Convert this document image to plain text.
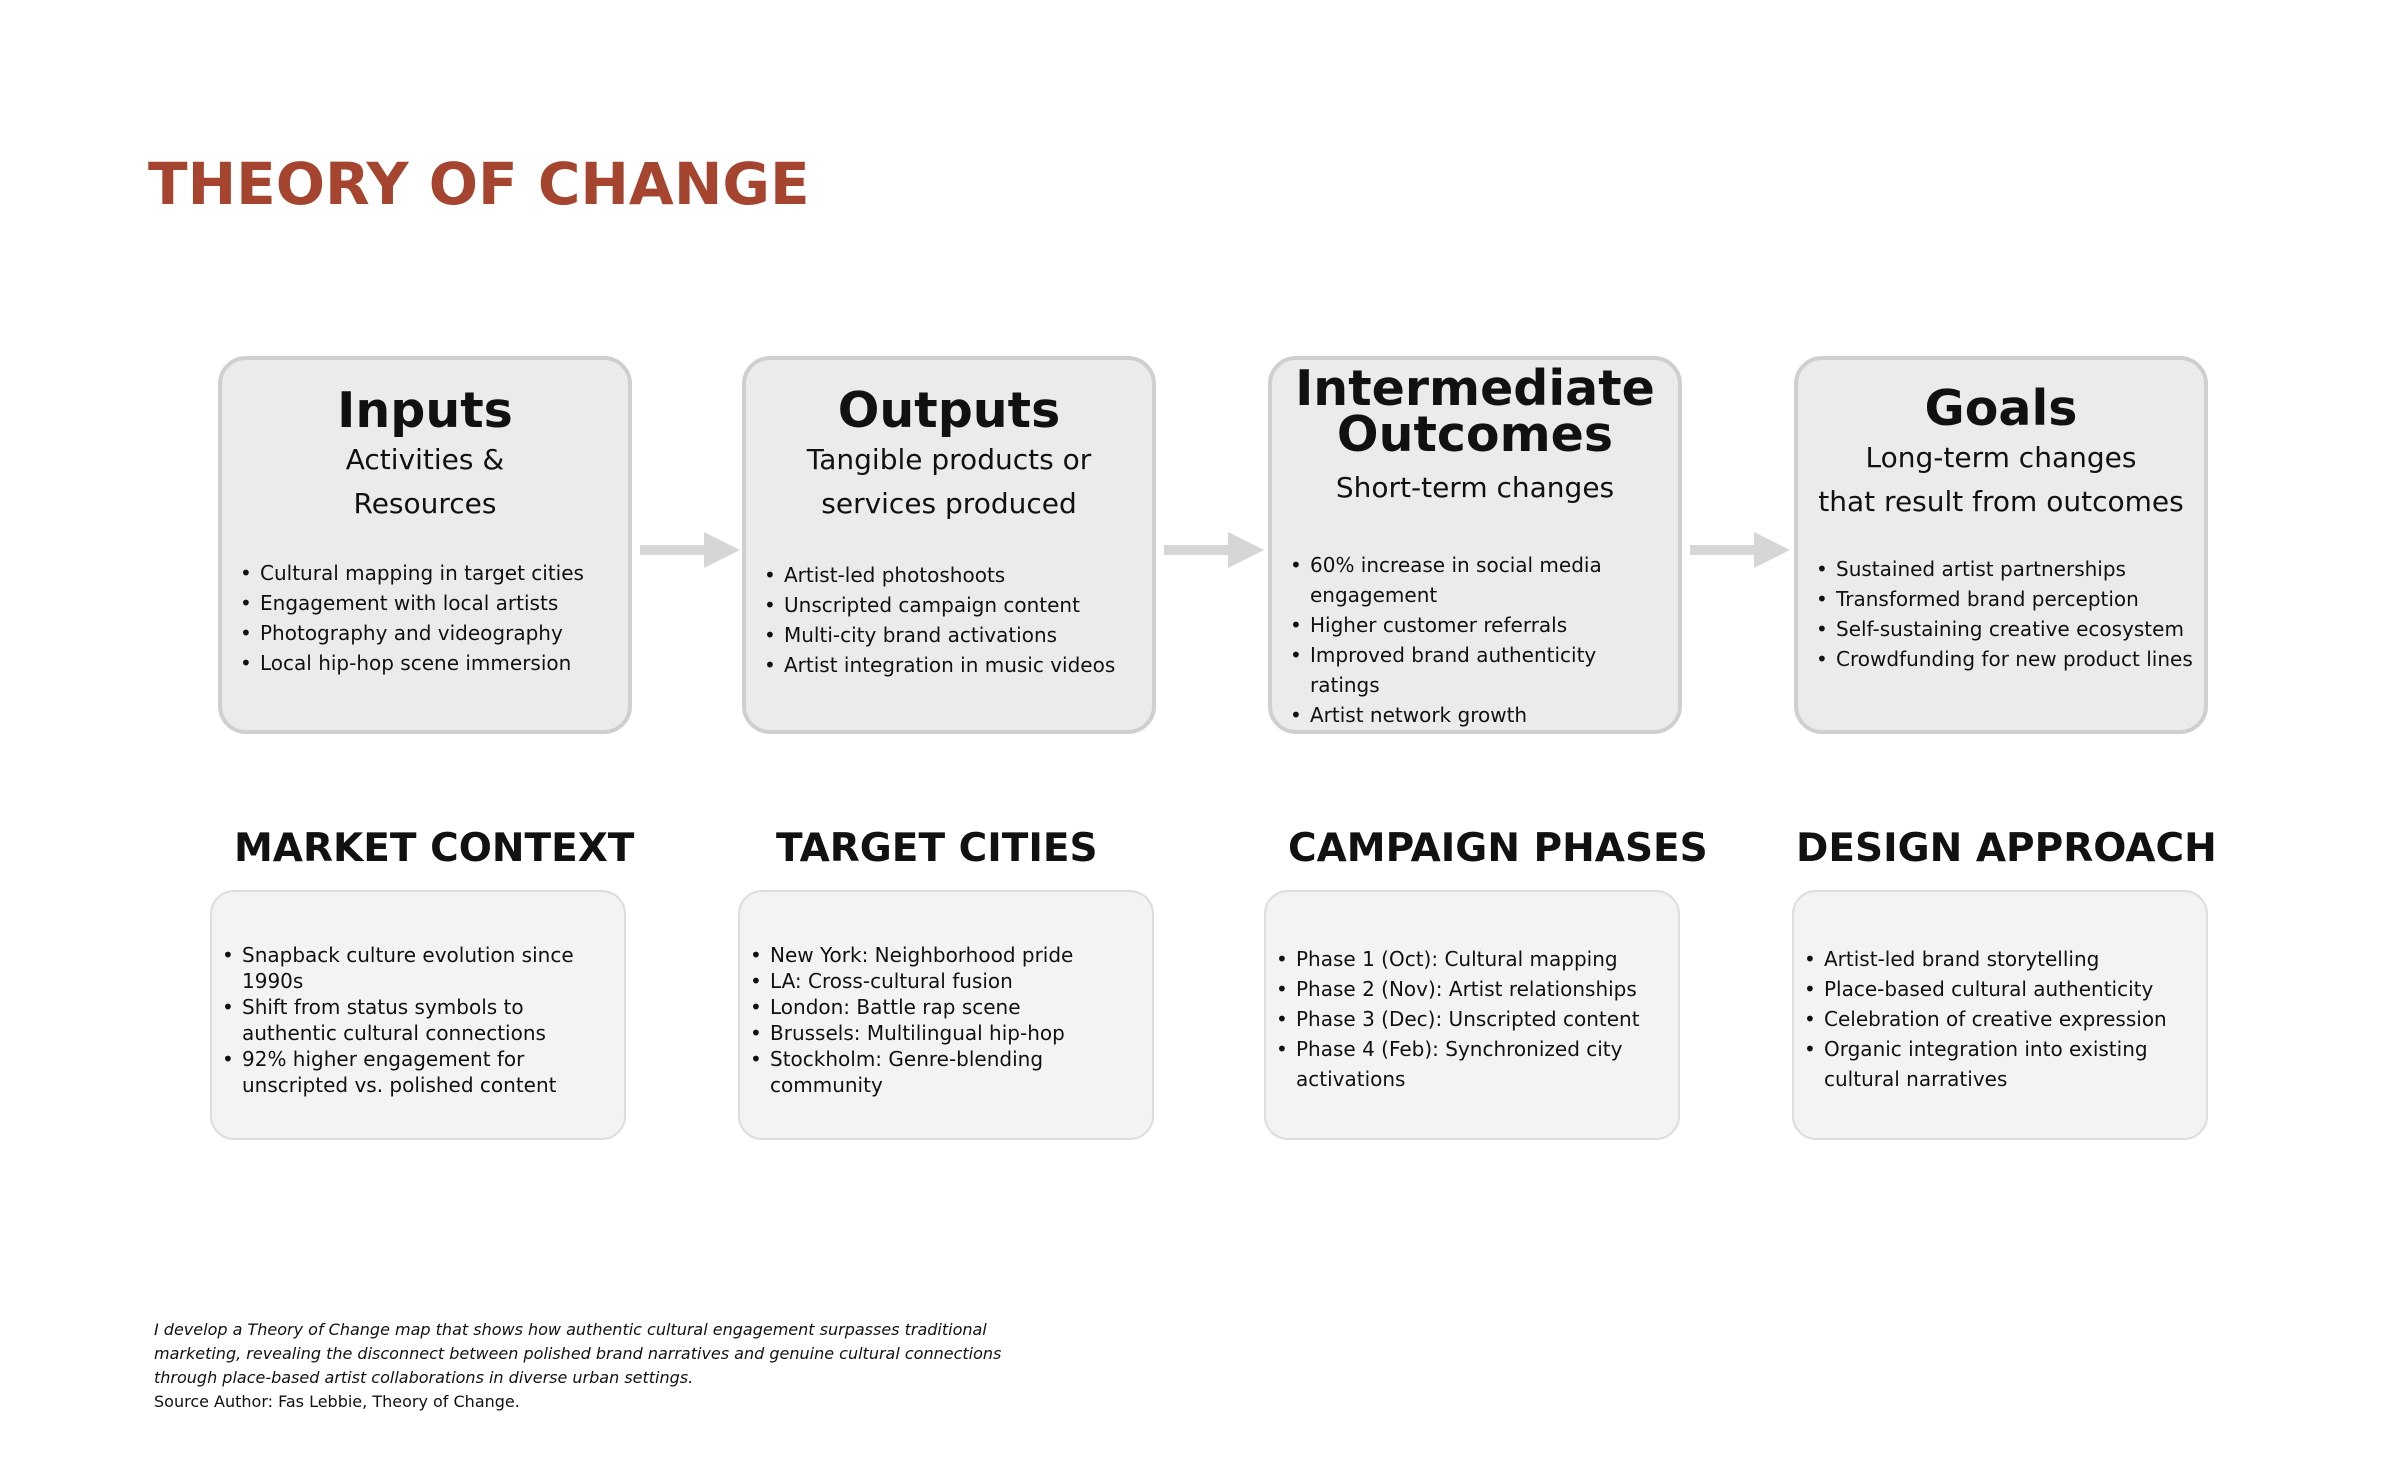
THEORY OF CHANGE

Inputs

Activities &

Resources

• Cultural mapping in target cities
• Engagement with local artists
• Photography and videography
• Local hip-hop scene immersion

Outputs

Tangible products or

services produced

• Artist-led photoshoots
• Unscripted campaign content
• Multi-city brand activations
• Artist integration in music videos

Intermediate

Outcomes

Short-term changes

• 60% increase in social media engagement
• Higher customer referrals
• Improved brand authenticity ratings
• Artist network growth

Goals

Long-term changes

that result from outcomes

• Sustained artist partnerships
• Transformed brand perception
• Self-sustaining creative ecosystem
• Crowdfunding for new product lines

MARKET CONTEXT	TARGET CITIES	CAMPAIGN PHASES DESIGN APPROACH

• Snapback culture evolution since 1990s
• Shift from status symbols to authentic cultural connections
• 92% higher engagement for unscripted vs. polished content
• New York: Neighborhood pride
• LA: Cross-cultural fusion
• London: Battle rap scene
• Brussels: Multilingual hip-hop
• Stockholm: Genre-blending community
• Phase 1 (Oct): Cultural mapping
• Phase 2 (Nov): Artist relationships
• Phase 3 (Dec): Unscripted content
• Phase 4 (Feb): Synchronized city activations
• Artist-led brand storytelling
• Place-based cultural authenticity
• Celebration of creative expression
• Organic integration into existing cultural narratives

I develop a Theory of Change map that shows how authentic cultural engagement surpasses traditional

marketing, revealing the disconnect between polished brand narratives and genuine cultural connections

through place-based artist collaborations in diverse urban settings.

Source Author: Fas Lebbie, Theory of Change.
